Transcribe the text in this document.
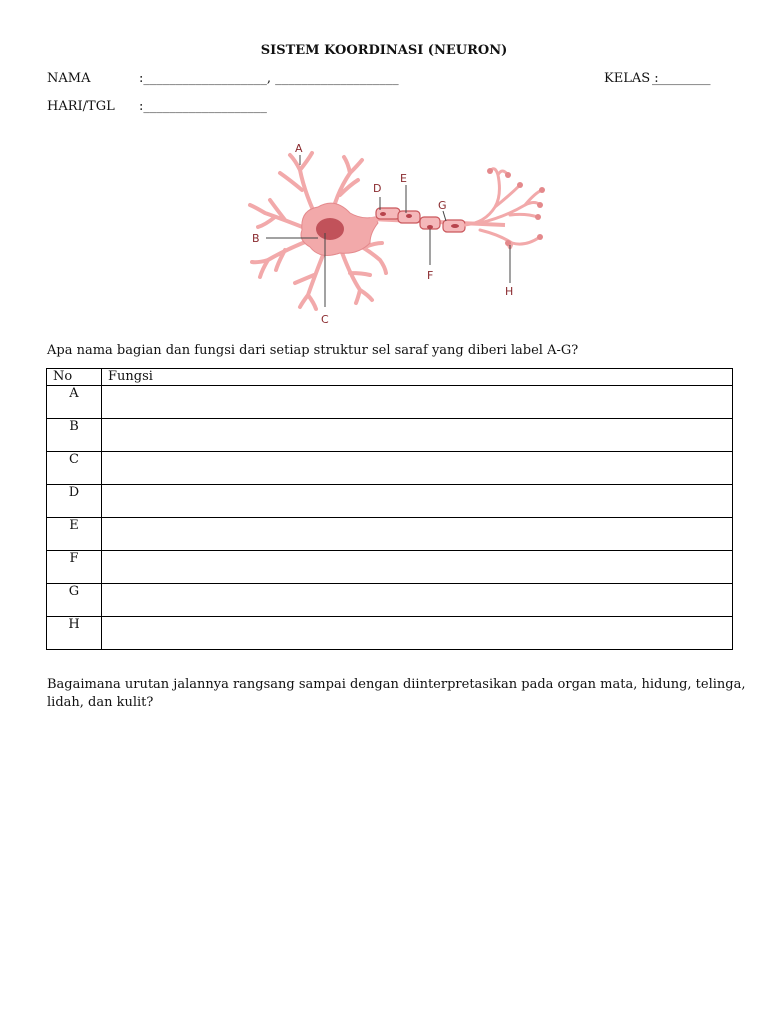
SISTEM KOORDINASI (NEURON)
NAMA	:___________________, ___________________	KELAS :
_________
HARI/TGL :___________________
A
B
C
D
E
F
G
H
Apa nama bagian dan fungsi dari setiap struktur sel saraf yang diberi label A-G?
No	Fungsi
A	
B	
C	
D	
E	
F	
G	
H	
Bagaimana urutan jalannya rangsang sampai dengan diinterpretasikan pada organ mata, hidung, telinga, lidah, dan kulit?
